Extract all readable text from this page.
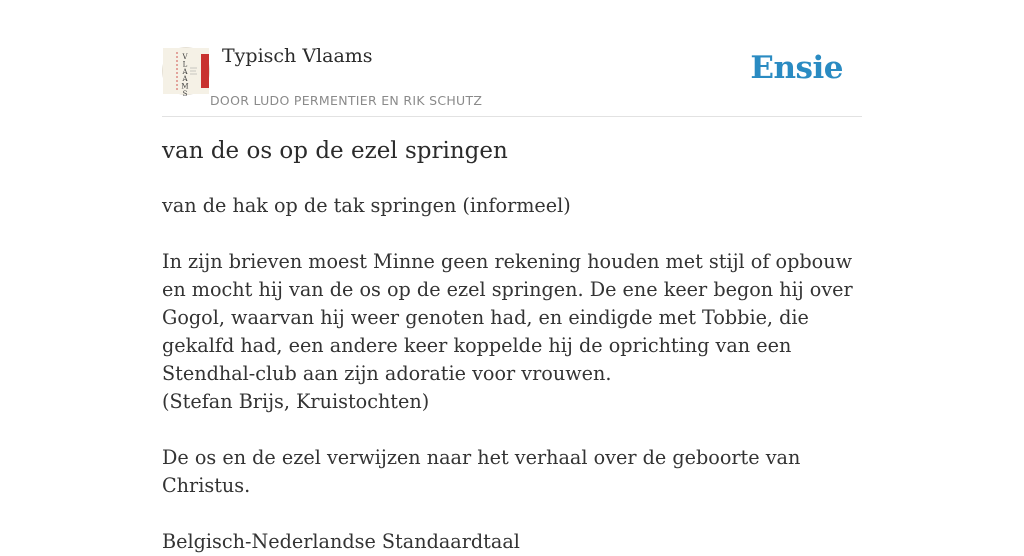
V L A A M S
Typisch Vlaams
DOOR LUDO PERMENTIER EN RIK SCHUTZ
Ensie
van de os op de ezel springen

van de hak op de tak springen (informeel)

In zijn brieven moest Minne geen rekening houden met stijl of opbouw en mocht hij van de os op de ezel springen. De ene keer begon hij over Gogol, waarvan hij weer genoten had, en eindigde met Tobbie, die gekalfd had, een andere keer koppelde hij de oprichting van een Stendhal-club aan zijn adoratie voor vrouwen.

(Stefan Brijs, Kruistochten)

De os en de ezel verwijzen naar het verhaal over de geboorte van Christus.

Belgisch-Nederlandse Standaardtaal
